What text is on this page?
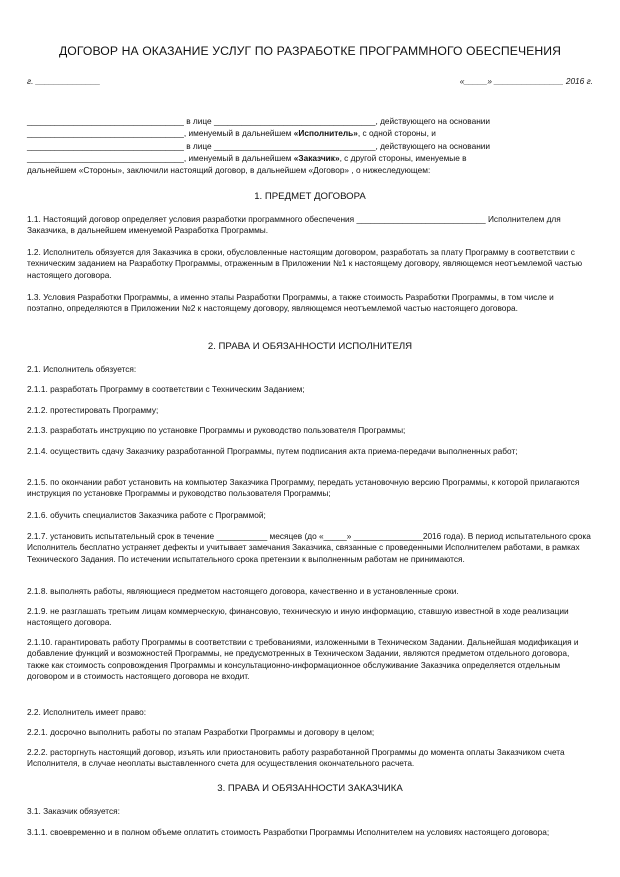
ДОГОВОР НА ОКАЗАНИЕ УСЛУГ ПО РАЗРАБОТКЕ ПРОГРАММНОГО ОБЕСПЕЧЕНИЯ
г. ______________	«_____» _______________ 2016 г.
__________________________________ в лице ___________________________________, действующего на основании
__________________________________, именуемый в дальнейшем «Исполнитель», с одной стороны, и
__________________________________ в лице ___________________________________, действующего на основании
__________________________________, именуемый в дальнейшем «Заказчик», с другой стороны, именуемые в
дальнейшем «Стороны», заключили настоящий договор, в дальнейшем «Договор» , о нижеследующем:
1. ПРЕДМЕТ ДОГОВОРА
1.1. Настоящий договор определяет условия разработки программного обеспечения ____________________________ Исполнителем для Заказчика, в дальнейшем именуемой Разработка Программы.
1.2. Исполнитель обязуется для Заказчика в сроки, обусловленные настоящим договором, разработать за плату Программу в соответствии с техническим заданием на Разработку Программы, отраженным в Приложении №1 к настоящему договору, являющемся неотъемлемой частью настоящего договора.
1.3. Условия Разработки Программы, а именно этапы Разработки Программы, а также стоимость Разработки Программы, в том числе и поэтапно, определяются в Приложении №2 к настоящему договору, являющемся неотъемлемой частью настоящего договора.
2. ПРАВА И ОБЯЗАННОСТИ ИСПОЛНИТЕЛЯ
2.1. Исполнитель обязуется:
2.1.1. разработать Программу в соответствии с Техническим Заданием;
2.1.2. протестировать Программу;
2.1.3. разработать инструкцию по установке Программы и руководство пользователя Программы;
2.1.4. осуществить сдачу Заказчику разработанной Программы, путем подписания акта приема-передачи выполненных работ;
2.1.5. по окончании работ установить на компьютер Заказчика Программу, передать установочную версию Программы, к которой прилагаются инструкция по установке Программы и руководство пользователя Программы;
2.1.6. обучить специалистов Заказчика работе с Программой;
2.1.7. установить испытательный срок в течение ___________ месяцев (до «_____» _______________2016 года). В период испытательного срока Исполнитель бесплатно устраняет дефекты и учитывает замечания Заказчика, связанные с проведенными Исполнителем работами, в рамках Технического Задания. По истечении испытательного срока претензии к выполненным работам не принимаются.
2.1.8. выполнять работы, являющиеся предметом настоящего договора, качественно и в установленные сроки.
2.1.9. не разглашать третьим лицам коммерческую, финансовую, техническую и иную информацию, ставшую известной в ходе реализации настоящего договора.
2.1.10. гарантировать работу Программы в соответствии с требованиями, изложенными в Техническом Задании. Дальнейшая модификация и добавление функций и возможностей Программы, не предусмотренных в Техническом Задании, являются предметом отдельного договора, также как стоимость сопровождения Программы и консультационно-информационное обслуживание Заказчика определяется отдельным договором и в стоимость настоящего договора не входит.
2.2. Исполнитель имеет право:
2.2.1. досрочно выполнить работы по этапам Разработки Программы и договору в целом;
2.2.2. расторгнуть настоящий договор, изъять или приостановить работу разработанной Программы до момента оплаты Заказчиком счета Исполнителя, в случае неоплаты выставленного счета для осуществления окончательного расчета.
3. ПРАВА И ОБЯЗАННОСТИ ЗАКАЗЧИКА
3.1. Заказчик обязуется:
3.1.1. своевременно и в полном объеме оплатить стоимость Разработки Программы Исполнителем на условиях настоящего договора;
